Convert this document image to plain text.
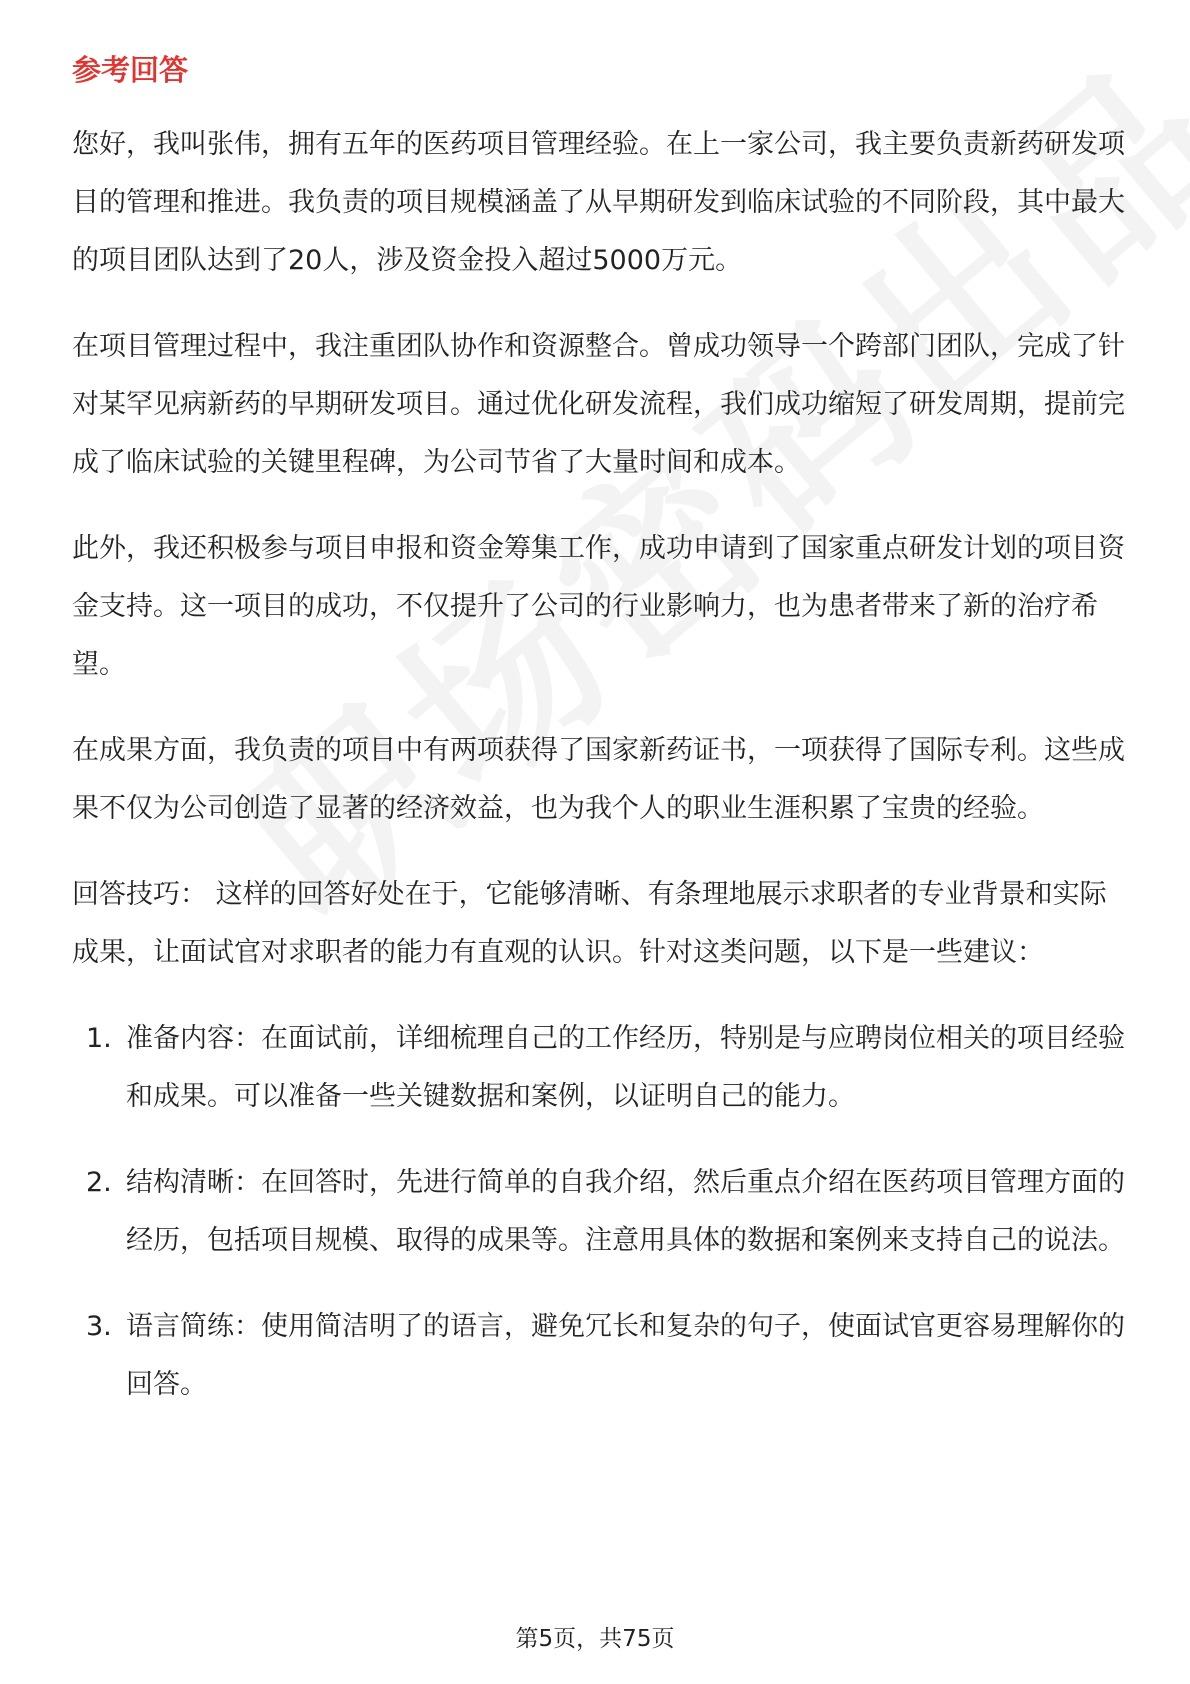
参考回答

您好，我叫张伟，拥有五年的医药项目管理经验。在上一家公司，我主要负责新药研发项目的管理和推进。我负责的项目规模涵盖了从早期研发到临床试验的不同阶段，其中最大的项目团队达到了20人，涉及资金投入超过5000万元。

在项目管理过程中，我注重团队协作和资源整合。曾成功领导一个跨部门团队，完成了针对某罕见病新药的早期研发项目。通过优化研发流程，我们成功缩短了研发周期，提前完成了临床试验的关键里程碑，为公司节省了大量时间和成本。

此外，我还积极参与项目申报和资金筹集工作，成功申请到了国家重点研发计划的项目资金支持。这一项目的成功，不仅提升了公司的行业影响力，也为患者带来了新的治疗希望。

在成果方面，我负责的项目中有两项获得了国家新药证书，一项获得了国际专利。这些成果不仅为公司创造了显著的经济效益，也为我个人的职业生涯积累了宝贵的经验。

回答技巧： 这样的回答好处在于，它能够清晰、有条理地展示求职者的专业背景和实际成果，让面试官对求职者的能力有直观的认识。针对这类问题，以下是一些建议：

1. 准备内容：在面试前，详细梳理自己的工作经历，特别是与应聘岗位相关的项目经验和成果。可以准备一些关键数据和案例，以证明自己的能力。
2. 结构清晰：在回答时，先进行简单的自我介绍，然后重点介绍在医药项目管理方面的经历，包括项目规模、取得的成果等。注意用具体的数据和案例来支持自己的说法。
3. 语言简练：使用简洁明了的语言，避免冗长和复杂的句子，使面试官更容易理解你的回答。
第5页，共75页
